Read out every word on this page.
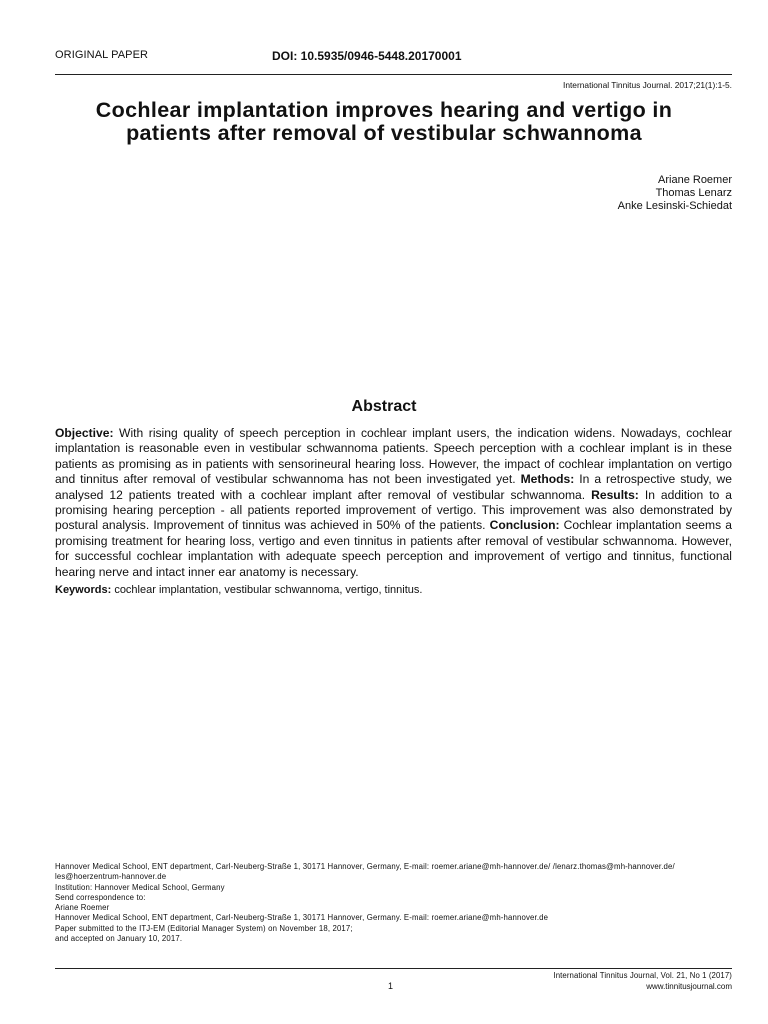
ORIGINAL PAPER	DOI: 10.5935/0946-5448.20170001
International Tinnitus Journal. 2017;21(1):1-5.
Cochlear implantation improves hearing and vertigo in
patients after removal of vestibular schwannoma
Ariane Roemer
Thomas Lenarz
Anke Lesinski-Schiedat
Abstract
Objective: With rising quality of speech perception in cochlear implant users, the indication widens. Nowadays, cochlear implantation is reasonable even in vestibular schwannoma patients. Speech perception with a cochlear implant is in these patients as promising as in patients with sensorineural hearing loss. However, the impact of cochlear implantation on vertigo and tinnitus after removal of vestibular schwannoma has not been investigated yet. Methods: In a retrospective study, we analysed 12 patients treated with a cochlear implant after removal of vestibular schwannoma. Results: In addition to a promising hearing perception - all patients reported improvement of vertigo. This improvement was also demonstrated by postural analysis. Improvement of tinnitus was achieved in 50% of the patients. Conclusion: Cochlear implantation seems a promising treatment for hearing loss, vertigo and even tinnitus in patients after removal of vestibular schwannoma. However, for successful cochlear implantation with adequate speech perception and improvement of vertigo and tinnitus, functional hearing nerve and intact inner ear anatomy is necessary.
Keywords: cochlear implantation, vestibular schwannoma, vertigo, tinnitus.
Hannover Medical School, ENT department, Carl-Neuberg-Straße 1, 30171 Hannover, Germany, E-mail: roemer.ariane@mh-hannover.de/ /lenarz.thomas@mh-hannover.de/
les@hoerzentrum-hannover.de
Institution: Hannover Medical School, Germany
Send correspondence to:
Ariane Roemer
Hannover Medical School, ENT department, Carl-Neuberg-Straße 1, 30171 Hannover, Germany. E-mail: roemer.ariane@mh-hannover.de
Paper submitted to the ITJ-EM (Editorial Manager System) on November 18, 2017;
and accepted on January 10, 2017.
International Tinnitus Journal, Vol. 21, No 1 (2017)
1	www.tinnitusjournal.com
